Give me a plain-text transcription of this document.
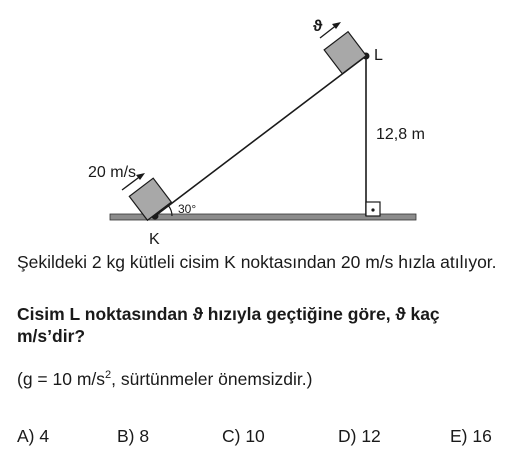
20 m/s
ϑ
L
K
12,8 m
30°
Şekildeki 2 kg kütleli cisim K noktasından 20 m/s hızla atılıyor.
Cisim L noktasından ϑ hızıyla geçtiğine göre, ϑ kaç m/s’dir?
(g = 10 $m/s^2$, sürtünmeler önemsizdir.)
A) 4	B) 8	C) 10	D) 12	E) 16
